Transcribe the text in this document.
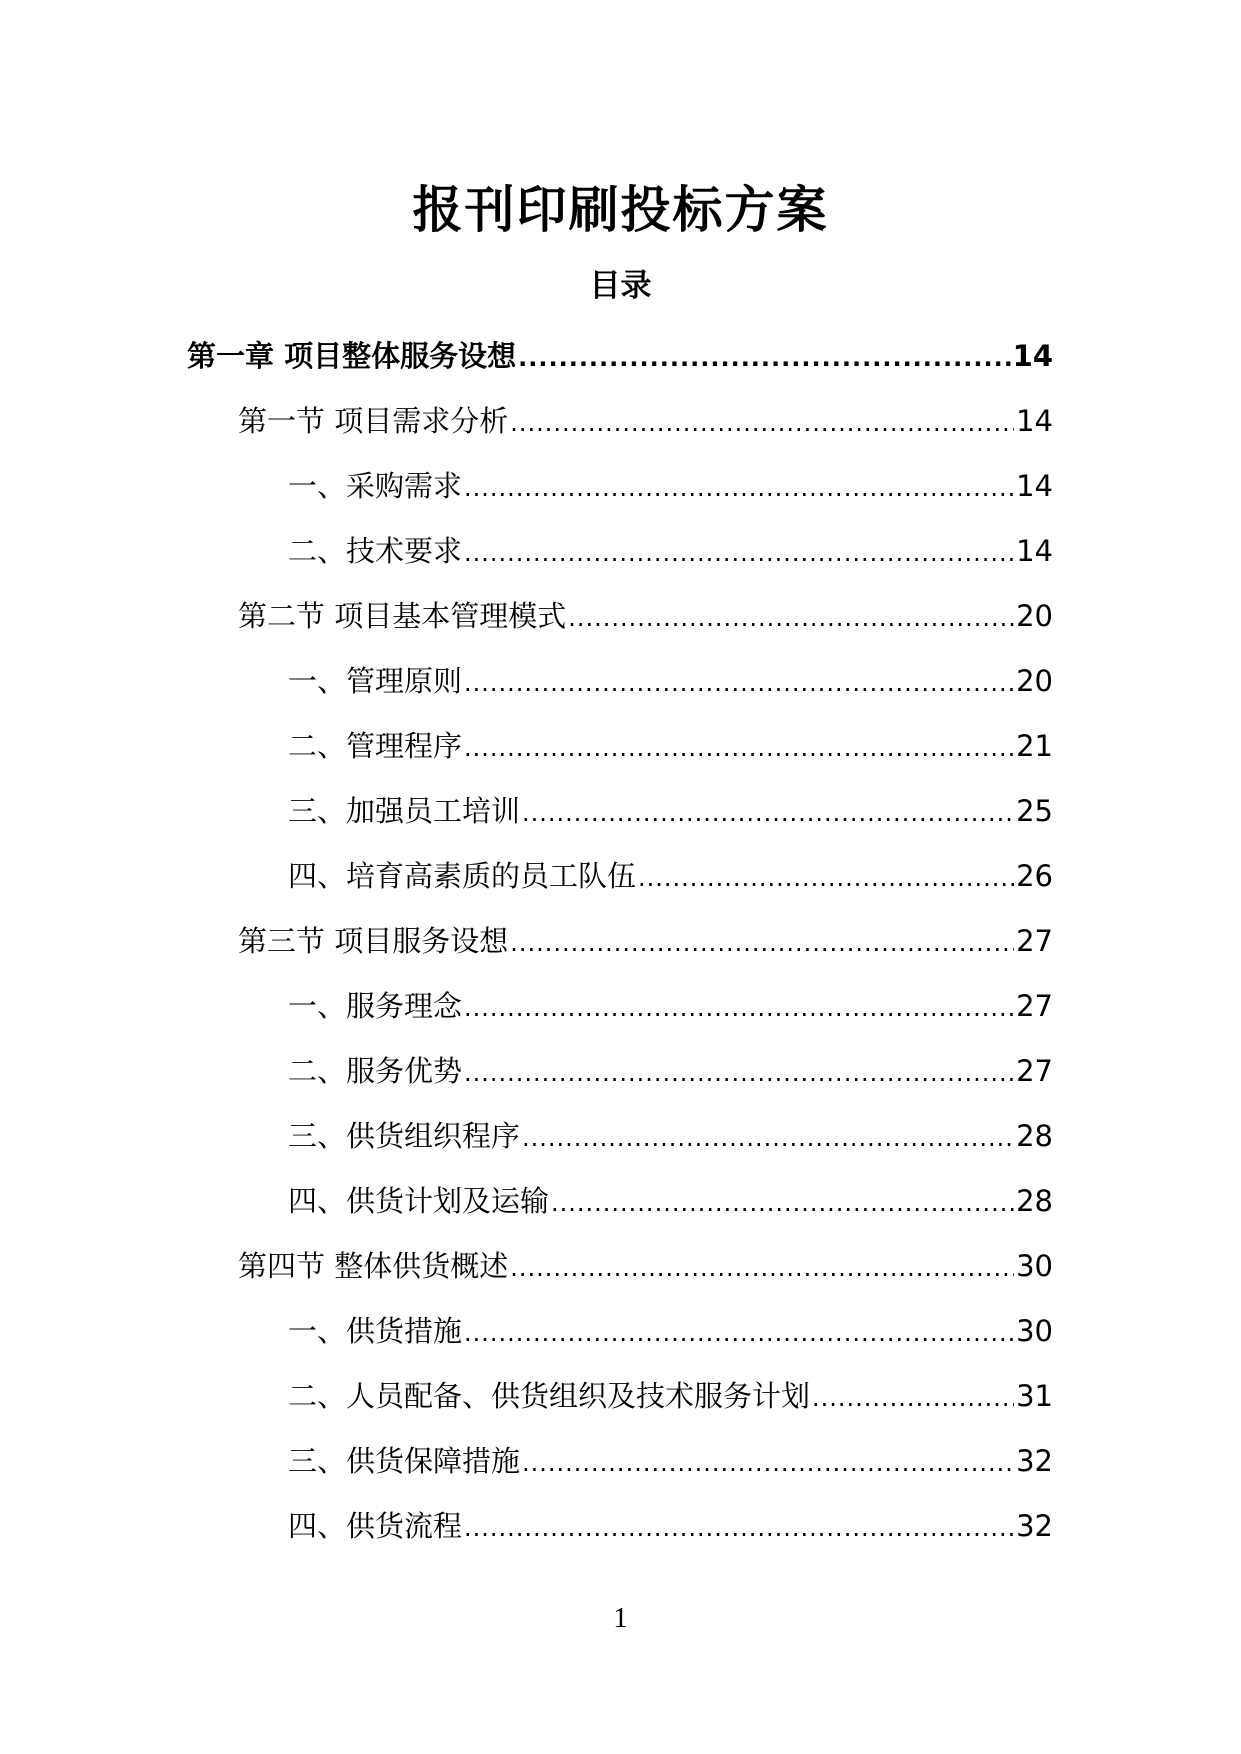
报刊印刷投标方案
目录
第一章 项目整体服务设想 .....	14
第一节 项目需求分析 .....	14
一、采购需求 .....	14
二、技术要求 .....	14
第二节 项目基本管理模式 .....	20
一、管理原则 .....	20
二、管理程序 .....	21
三、加强员工培训 .....	25
四、培育高素质的员工队伍 .....	26
第三节 项目服务设想 .....	27
一、服务理念 .....	27
二、服务优势 .....	27
三、供货组织程序 .....	28
四、供货计划及运输 .....	28
第四节 整体供货概述 .....	30
一、供货措施 .....	30
二、人员配备、供货组织及技术服务计划 .....	31
三、供货保障措施 .....	32
四、供货流程 .....	32
1
